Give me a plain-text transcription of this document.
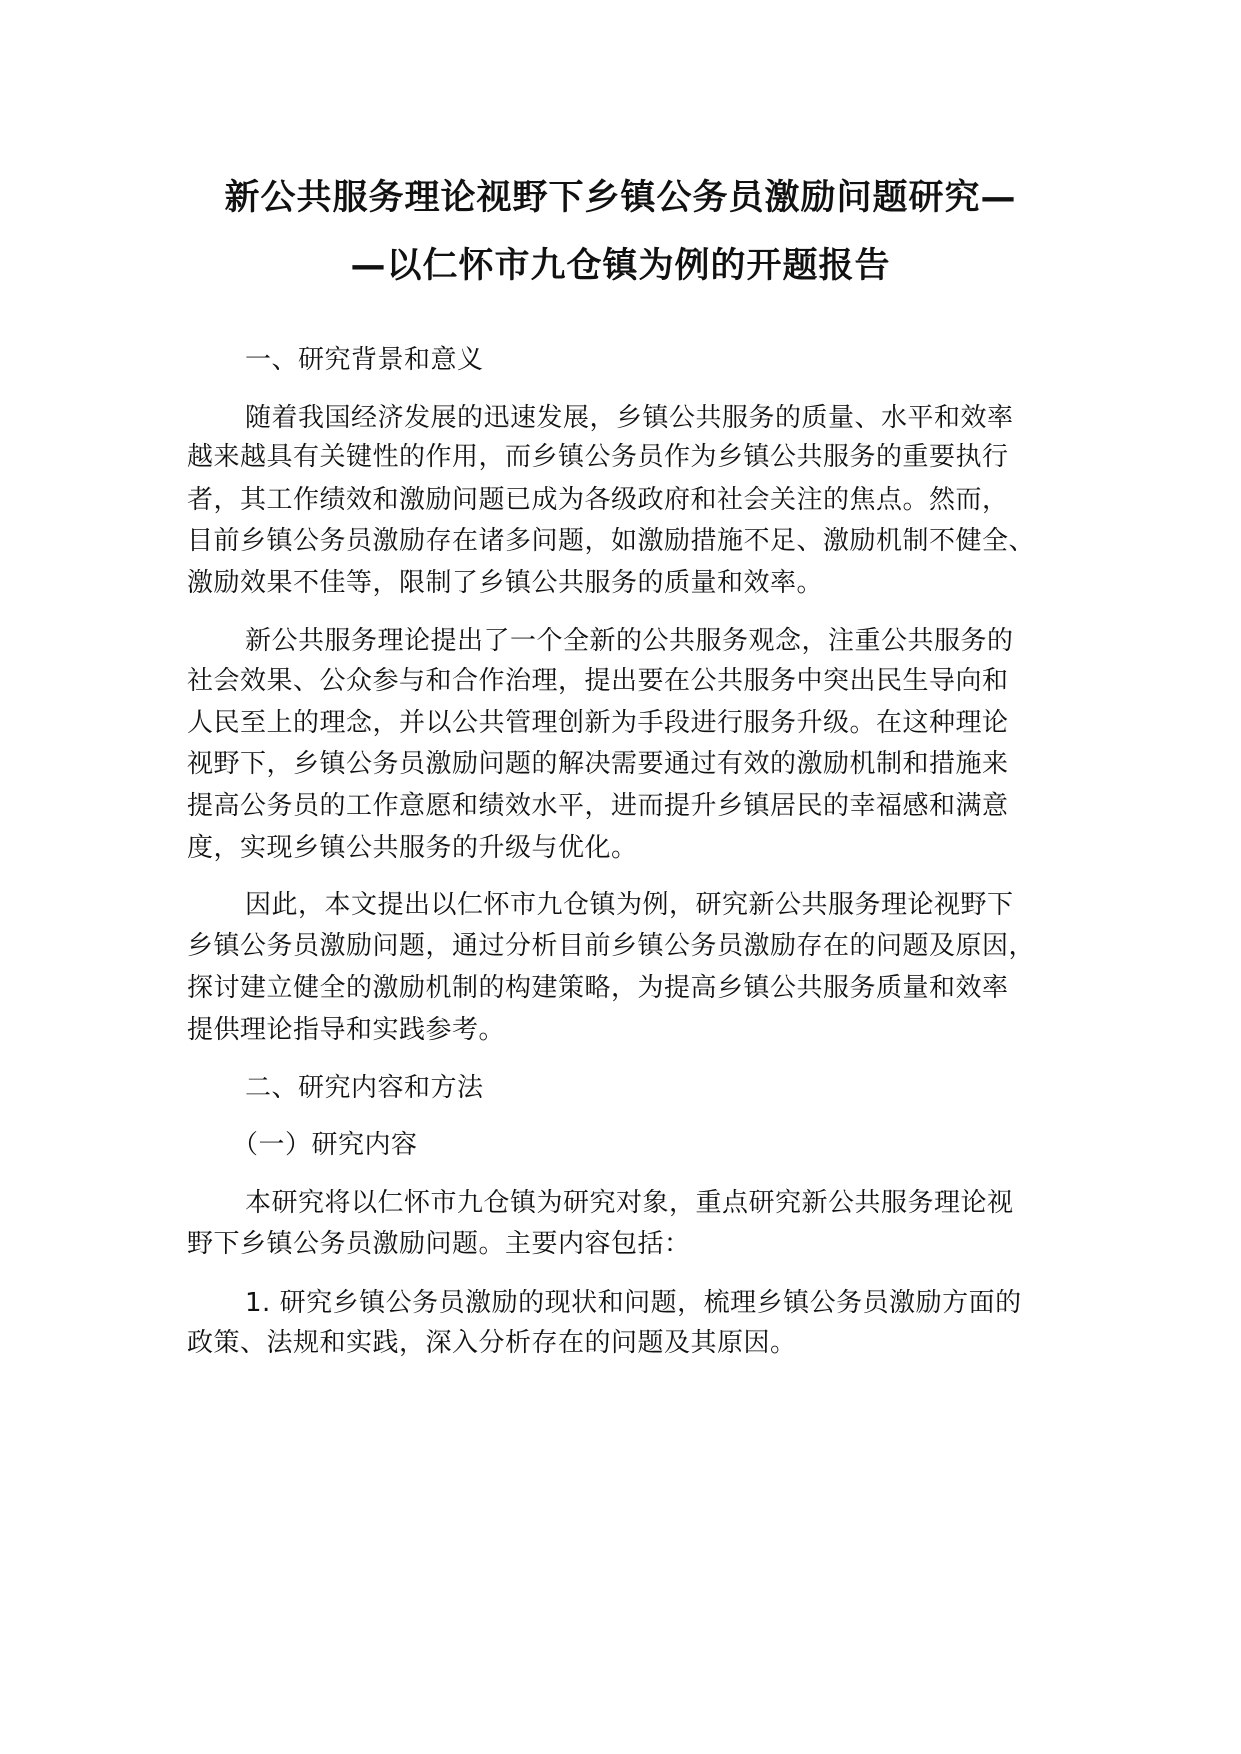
新公共服务理论视野下乡镇公务员激励问题研究—
—以仁怀市九仓镇为例的开题报告
一、研究背景和意义
随着我国经济发展的迅速发展，乡镇公共服务的质量、水平和效率
越来越具有关键性的作用，而乡镇公务员作为乡镇公共服务的重要执行
者，其工作绩效和激励问题已成为各级政府和社会关注的焦点。然而，
目前乡镇公务员激励存在诸多问题，如激励措施不足、激励机制不健全、
激励效果不佳等，限制了乡镇公共服务的质量和效率。
新公共服务理论提出了一个全新的公共服务观念，注重公共服务的
社会效果、公众参与和合作治理，提出要在公共服务中突出民生导向和
人民至上的理念，并以公共管理创新为手段进行服务升级。在这种理论
视野下，乡镇公务员激励问题的解决需要通过有效的激励机制和措施来
提高公务员的工作意愿和绩效水平，进而提升乡镇居民的幸福感和满意
度，实现乡镇公共服务的升级与优化。
因此，本文提出以仁怀市九仓镇为例，研究新公共服务理论视野下
乡镇公务员激励问题，通过分析目前乡镇公务员激励存在的问题及原因，
探讨建立健全的激励机制的构建策略，为提高乡镇公共服务质量和效率
提供理论指导和实践参考。
二、研究内容和方法
（一）研究内容
本研究将以仁怀市九仓镇为研究对象，重点研究新公共服务理论视
野下乡镇公务员激励问题。主要内容包括：
1. 研究乡镇公务员激励的现状和问题，梳理乡镇公务员激励方面的
政策、法规和实践，深入分析存在的问题及其原因。
